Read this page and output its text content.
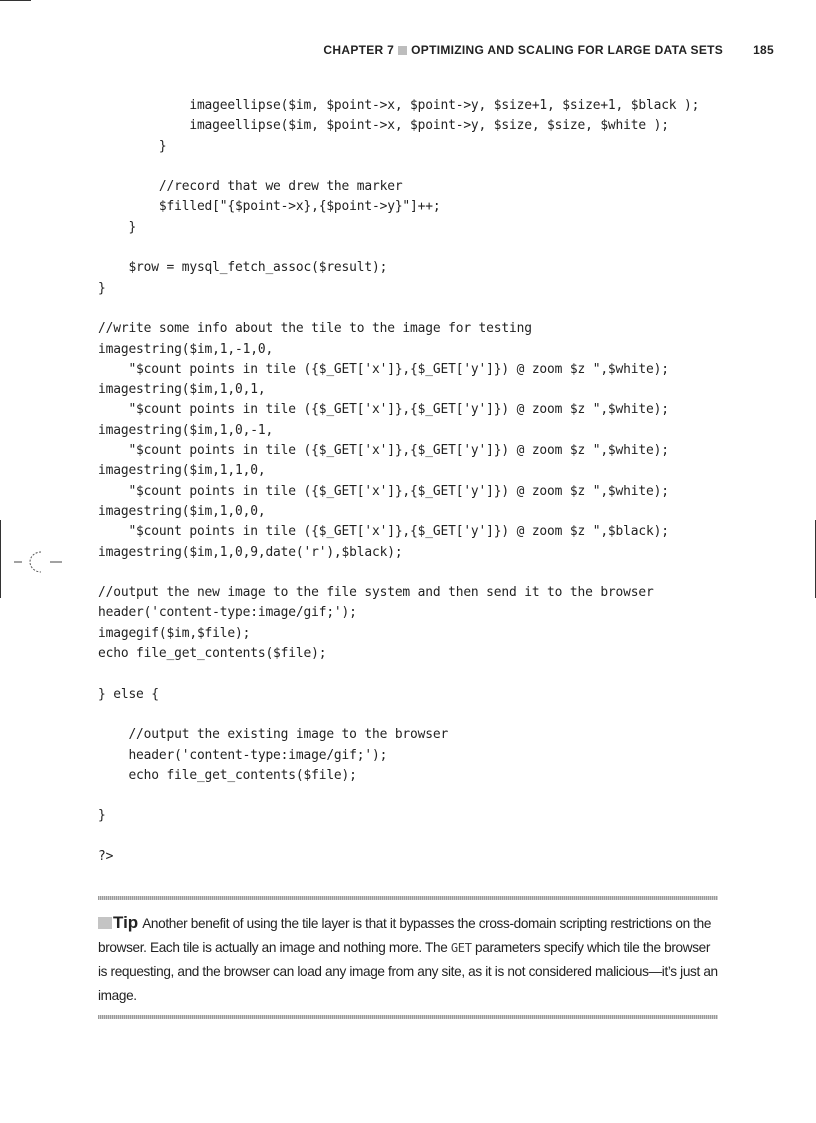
CHAPTER 7 OPTIMIZING AND SCALING FOR LARGE DATA SETS	185
imageellipse($im, $point->x, $point->y, $size+1, $size+1, $black );
imageellipse($im, $point->x, $point->y, $size, $size, $white );
}

//record that we drew the marker
$filled["{$point->x},{$point->y}"]++;
}

$row = mysql_fetch_assoc($result);
}

//write some info about the tile to the image for testing
imagestring($im,1,-1,0,
"$count points in tile ({$_GET['x']},{$_GET['y']}) @ zoom $z ",$white);
imagestring($im,1,0,1,
"$count points in tile ({$_GET['x']},{$_GET['y']}) @ zoom $z ",$white);
imagestring($im,1,0,-1,
"$count points in tile ({$_GET['x']},{$_GET['y']}) @ zoom $z ",$white);
imagestring($im,1,1,0,
"$count points in tile ({$_GET['x']},{$_GET['y']}) @ zoom $z ",$white);
imagestring($im,1,0,0,
"$count points in tile ({$_GET['x']},{$_GET['y']}) @ zoom $z ",$black);
imagestring($im,1,0,9,date('r'),$black);

//output the new image to the file system and then send it to the browser
header('content-type:image/gif;');
imagegif($im,$file);
echo file_get_contents($file);

} else {

//output the existing image to the browser
header('content-type:image/gif;');
echo file_get_contents($file);

}

?>
Tip Another benefit of using the tile layer is that it bypasses the cross-domain scripting restrictions on the browser. Each tile is actually an image and nothing more. The GET parameters specify which tile the browser is requesting, and the browser can load any image from any site, as it is not considered malicious—it’s just an image.
